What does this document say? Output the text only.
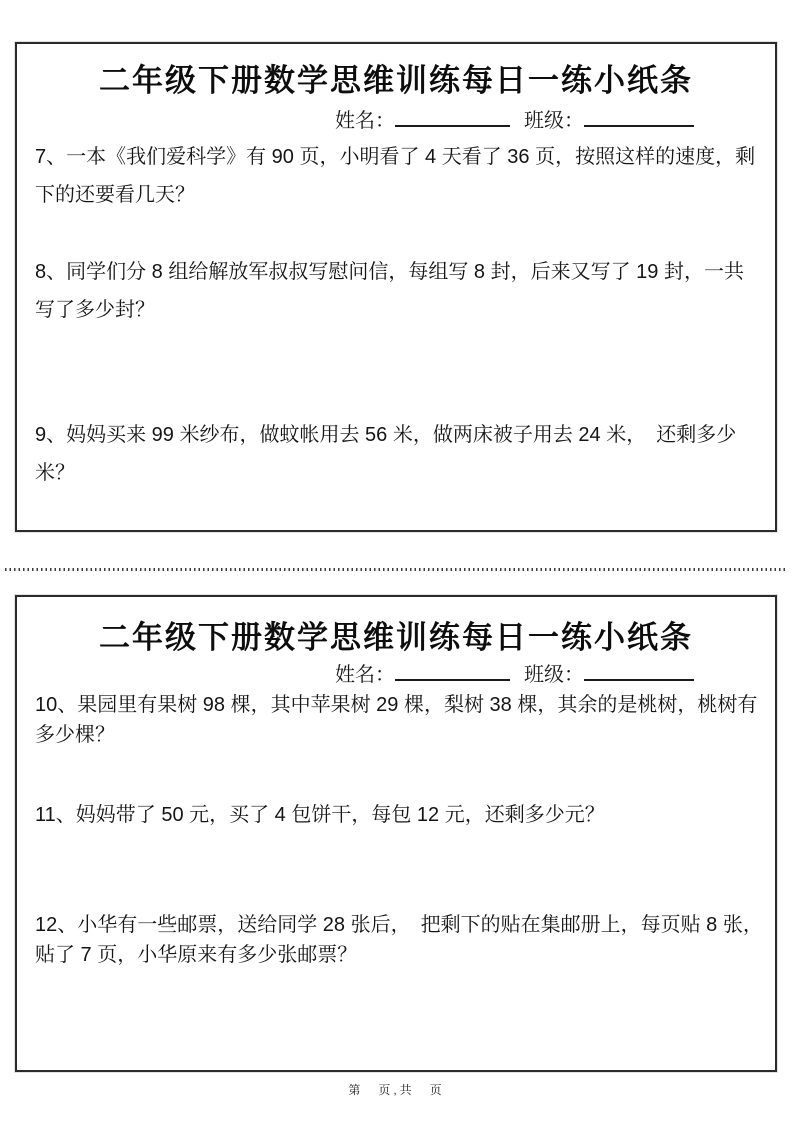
二年级下册数学思维训练每日一练小纸条
姓名：	班级：

7、一本《我们爱科学》有 90 页，小明看了 4 天看了 36 页，按照这样的速度，剩下的还要看几天？

8、同学们分 8 组给解放军叔叔写慰问信，每组写 8 封，后来又写了 19 封，一共写了多少封？

9、妈妈买来 99 米纱布，做蚊帐用去 56 米，做两床被子用去 24 米，　还剩多少米？

二年级下册数学思维训练每日一练小纸条
姓名：	班级：

10、果园里有果树 98 棵，其中苹果树 29 棵，梨树 38 棵，其余的是桃树，桃树有多少棵？

11、妈妈带了 50 元，买了 4 包饼干，每包 12 元，还剩多少元？

12、小华有一些邮票，送给同学 28 张后，　把剩下的贴在集邮册上，每页贴 8 张，贴了 7 页，小华原来有多少张邮票？

第　页,共　页
